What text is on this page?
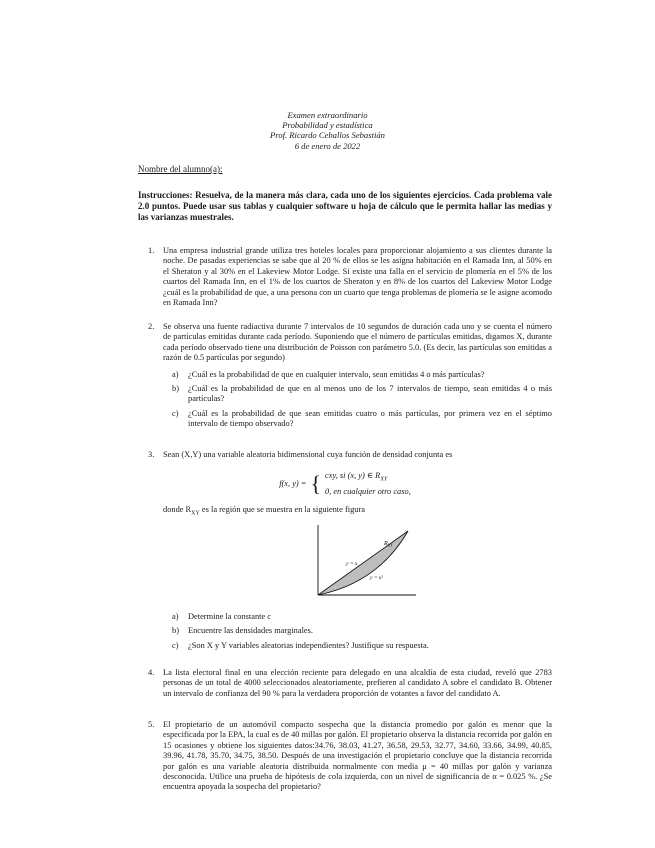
Examen extraordinario
Probabilidad y estadística
Prof. Ricardo Ceballos Sebastián
6 de enero de 2022
Nombre del alumno(a):
Instrucciones: Resuelva, de la manera más clara, cada uno de los siguientes ejercicios. Cada problema vale 2.0 puntos. Puede usar sus tablas y cualquier software u hoja de cálculo que le permita hallar las medias y las varianzas muestrales.
1. Una empresa industrial grande utiliza tres hoteles locales para proporcionar alojamiento a sus clientes durante la noche. De pasadas experiencias se sabe que al 20 % de ellos se les asigna habitación en el Ramada Inn, al 50% en el Sheraton y al 30% en el Lakeview Motor Lodge. Si existe una falla en el servicio de plomería en el 5% de los cuartos del Ramada Inn, en el 1% de los cuartos de Sheraton y en 8% de los cuartos del Lakeview Motor Lodge ¿cuál es la probabilidad de que, a una persona con un cuarto que tenga problemas de plomería se le asigne acomodo en Ramada Inn?
2. Se observa una fuente radiactiva durante 7 intervalos de 10 segundos de duración cada uno y se cuenta el número de partículas emitidas durante cada período. Suponiendo que el número de partículas emitidas, digamos X, durante cada período observado tiene una distribución de Poisson con parámetro 5.0. (Es decir, las partículas son emitidas a razón de 0.5 partículas por segundo)
a) ¿Cuál es la probabilidad de que en cualquier intervalo, sean emitidas 4 o más partículas?
b) ¿Cuál es la probabilidad de que en al menos uno de los 7 intervalos de tiempo, sean emitidas 4 o más partículas?
c) ¿Cuál es la probabilidad de que sean emitidas cuatro o más partículas, por primera vez en el séptimo intervalo de tiempo observado?
3. Sean (X,Y) una variable aleatoria bidimensional cuya función de densidad conjunta es
f(x, y) = { cxy, si (x, y) ∈ $R_{XY}$
0, en cualquier otro caso,
donde $R_{XY}$ es la región que se muestra en la siguiente figura
$R_{XY}$
y = x
y = x²
a) Determine la constante c
b) Encuentre las densidades marginales.
c) ¿Son X y Y variables aleatorias independientes? Justifique su respuesta.
4. La lista electoral final en una elección reciente para delegado en una alcaldía de esta ciudad, reveló que 2783 personas de un total de 4000 seleccionados aleatoriamente, prefieren al candidato A sobre el candidato B. Obtener un intervalo de confianza del 90 % para la verdadera proporción de votantes a favor del candidato A.
5. El propietario de un automóvil compacto sospecha que la distancia promedio por galón es menor que la especificada por la EPA, la cual es de 40 millas por galón. El propietario observa la distancia recorrida por galón en 15 ocasiones y obtiene los siguientes datos:34.76, 38.03, 41.27, 36.58, 29.53, 32.77, 34.60, 33.66, 34.99, 40.85, 39.96, 41.78, 35.70, 34.75, 38.50. Después de una investigación el propietario concluye que la distancia recorrida por galón es una variable aleatoria distribuida normalmente con media μ = 40 millas por galón y varianza desconocida. Utilice una prueba de hipótesis de cola izquierda, con un nivel de significancia de α = 0.025 %. ¿Se encuentra apoyada la sospecha del propietario?
